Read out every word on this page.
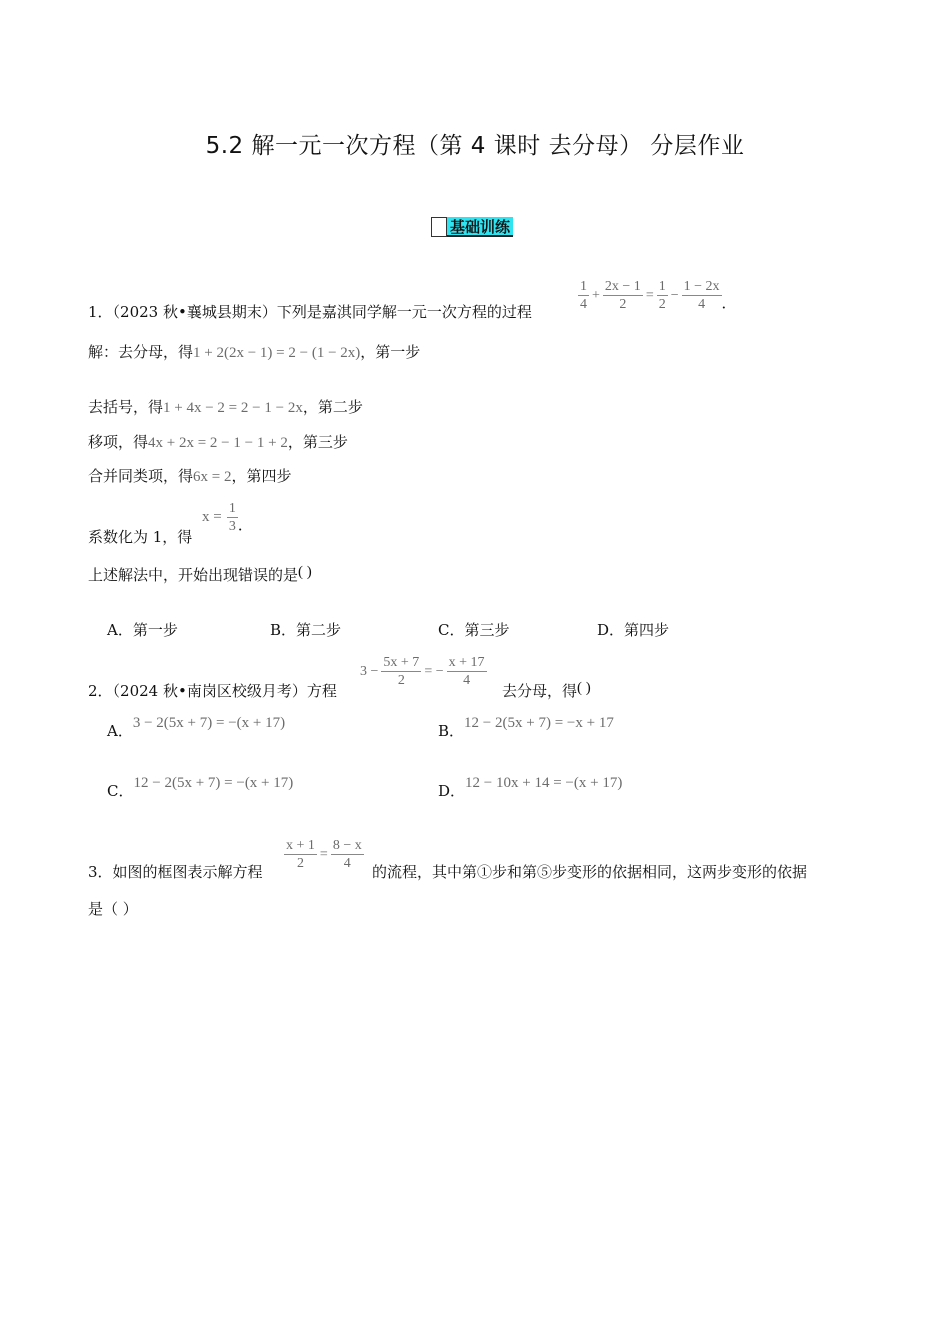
5.2 解一元一次方程（第 4 课时 去分母） 分层作业
基础训练
1．（2023 秋•襄城县期末）下列是嘉淇同学解一元一次方程的过程	$\frac{1}{4} + \frac{2x - 1}{2} = \frac{1}{2} - \frac{1 - 2x}{4}$ ．
解：去分母，得1 + 2(2x − 1) = 2 − (1 − 2x)，第一步
去括号，得1 + 4x − 2 = 2 − 1 − 2x，第二步
移项，得4x + 2x = 2 − 1 − 1 + 2，第三步
合并同类项，得6x = 2，第四步
系数化为 1，得
$x = \frac{1}{3}$ ．
上述解法中，开始出现错误的是( )
A．第一步	B．第二步	C．第三步	D．第四步
2．（2024 秋•南岗区校级月考）方程
$3 - \frac{5x + 7}{2}$ = − $\frac{x + 17}{4}$
去分母，得( )
A．3 − 2(5x + 7) = −(x + 17)	B．12 − 2(5x + 7) = −x + 17
C．12 − 2(5x + 7) = −(x + 17)	D．12 − 10x + 14 = −(x + 17)
3．如图的框图表示解方程 $\frac{x + 1}{2} = \frac{8 - x}{4}$ 的流程，其中第①步和第⑤步变形的依据相同，这两步变形的依据
是（ ）
